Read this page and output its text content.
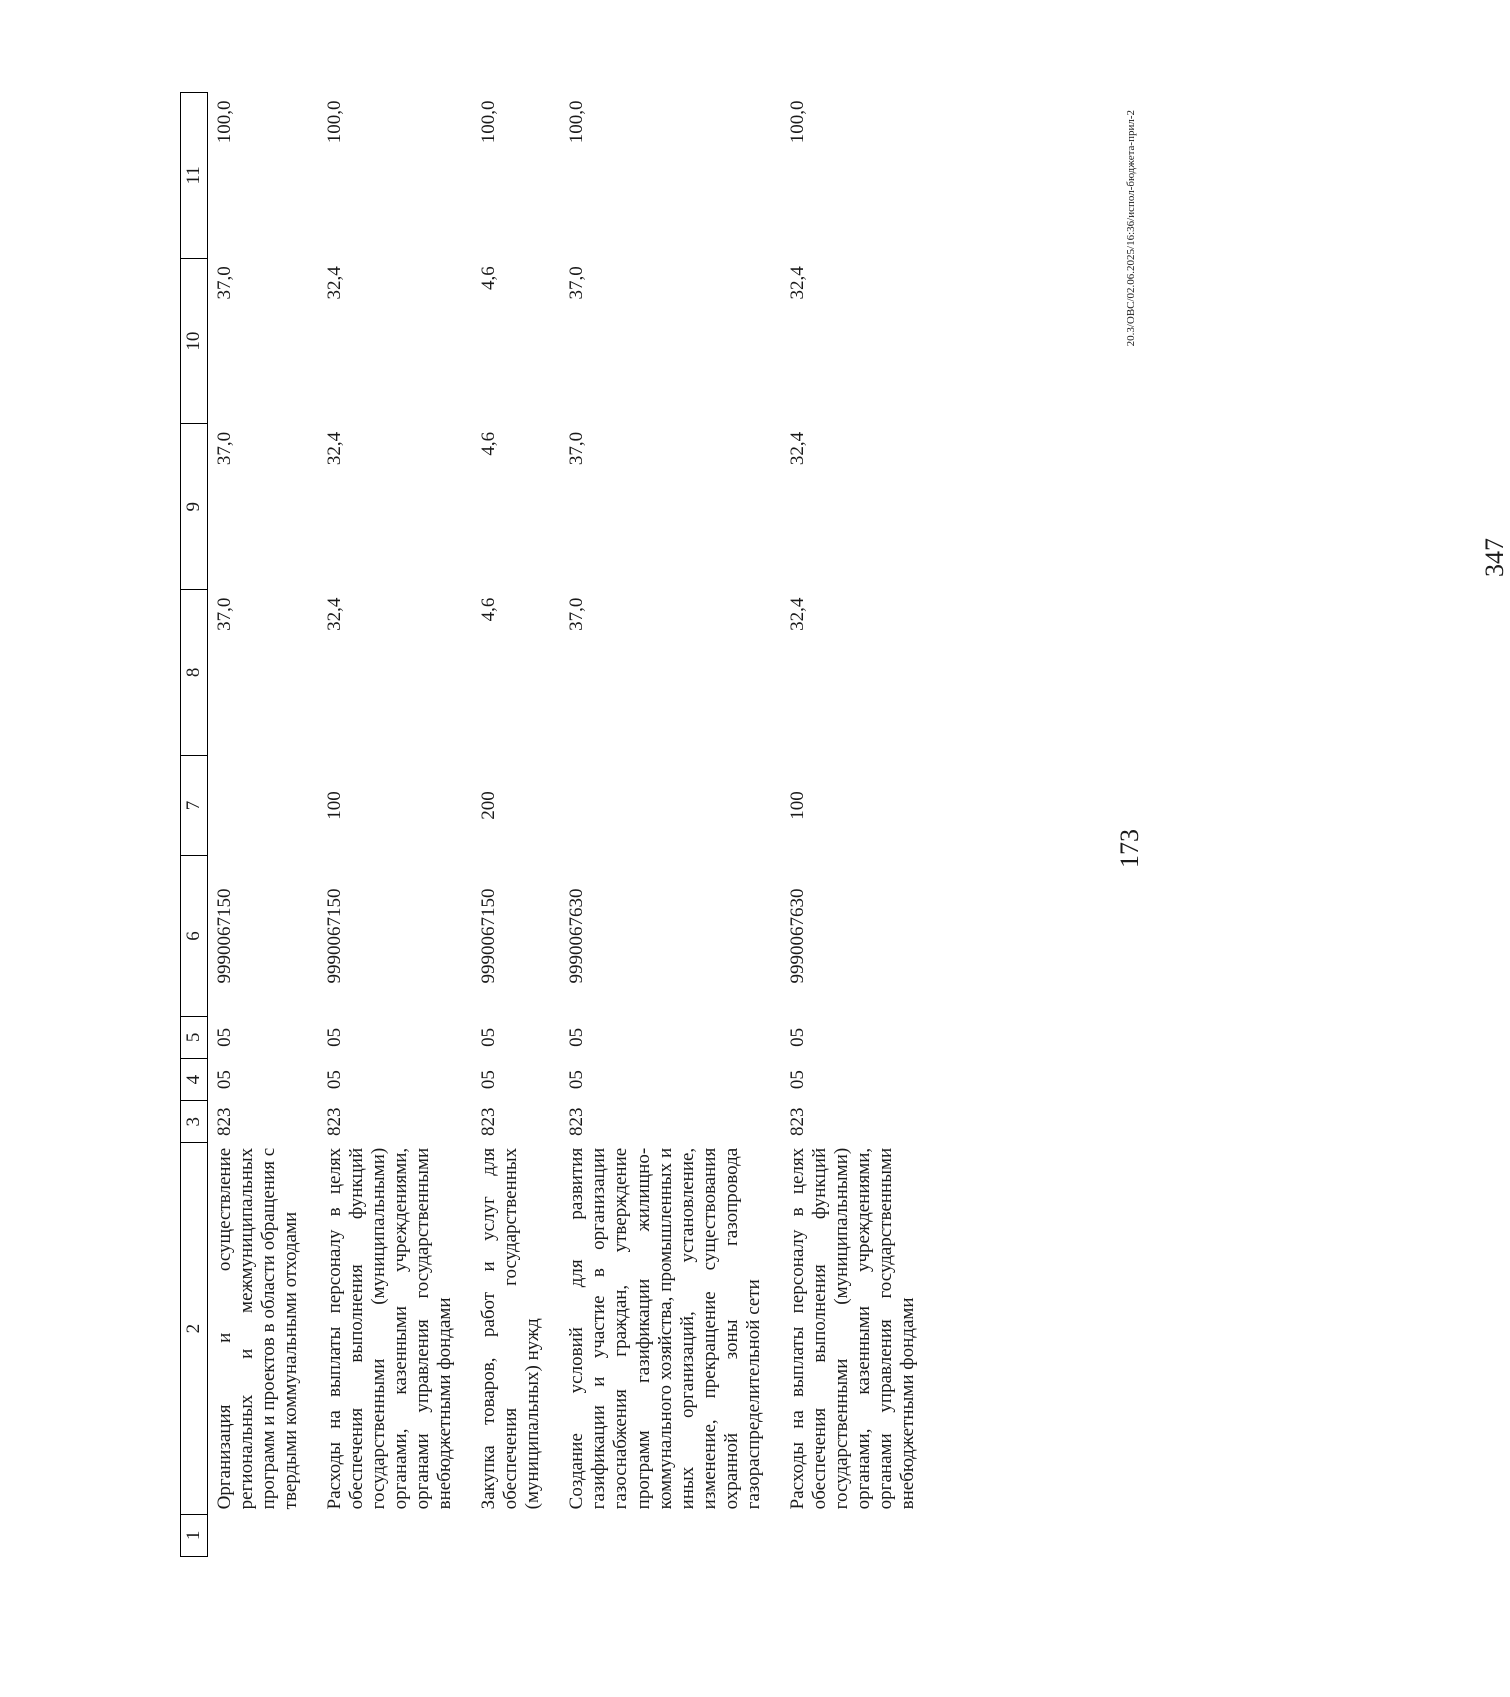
173

1	2	3	4	5	6	7	8	9	10	11
	Организация и осуществление региональных и межмуниципальных программ и проектов в области обращения с твердыми коммунальными отходами	823	05	05	9990067150		37,0	37,0	37,0	100,0
	Расходы на выплаты персоналу в целях обеспечения выполнения функций государственными (муниципальными) органами, казенными учреждениями, органами управления государственными внебюджетными фондами	823	05	05	9990067150	100	32,4	32,4	32,4	100,0
	Закупка товаров, работ и услуг для обеспечения государственных (муниципальных) нужд	823	05	05	9990067150	200	4,6	4,6	4,6	100,0
	Создание условий для развития газификации и участие в организации газоснабжения граждан, утверждение программ газификации жилищно-коммунального хозяйства, промышленных и иных организаций, установление, изменение, прекращение существования охранной зоны газопровода газораспределительной сети	823	05	05	9990067630		37,0	37,0	37,0	100,0
	Расходы на выплаты персоналу в целях обеспечения выполнения функций государственными (муниципальными) органами, казенными учреждениями, органами управления государственными внебюджетными фондами	823	05	05	9990067630	100	32,4	32,4	32,4	100,0	20.3/ОВС/02.06.2025/16:36/испол-бюджета-прил-2

347
